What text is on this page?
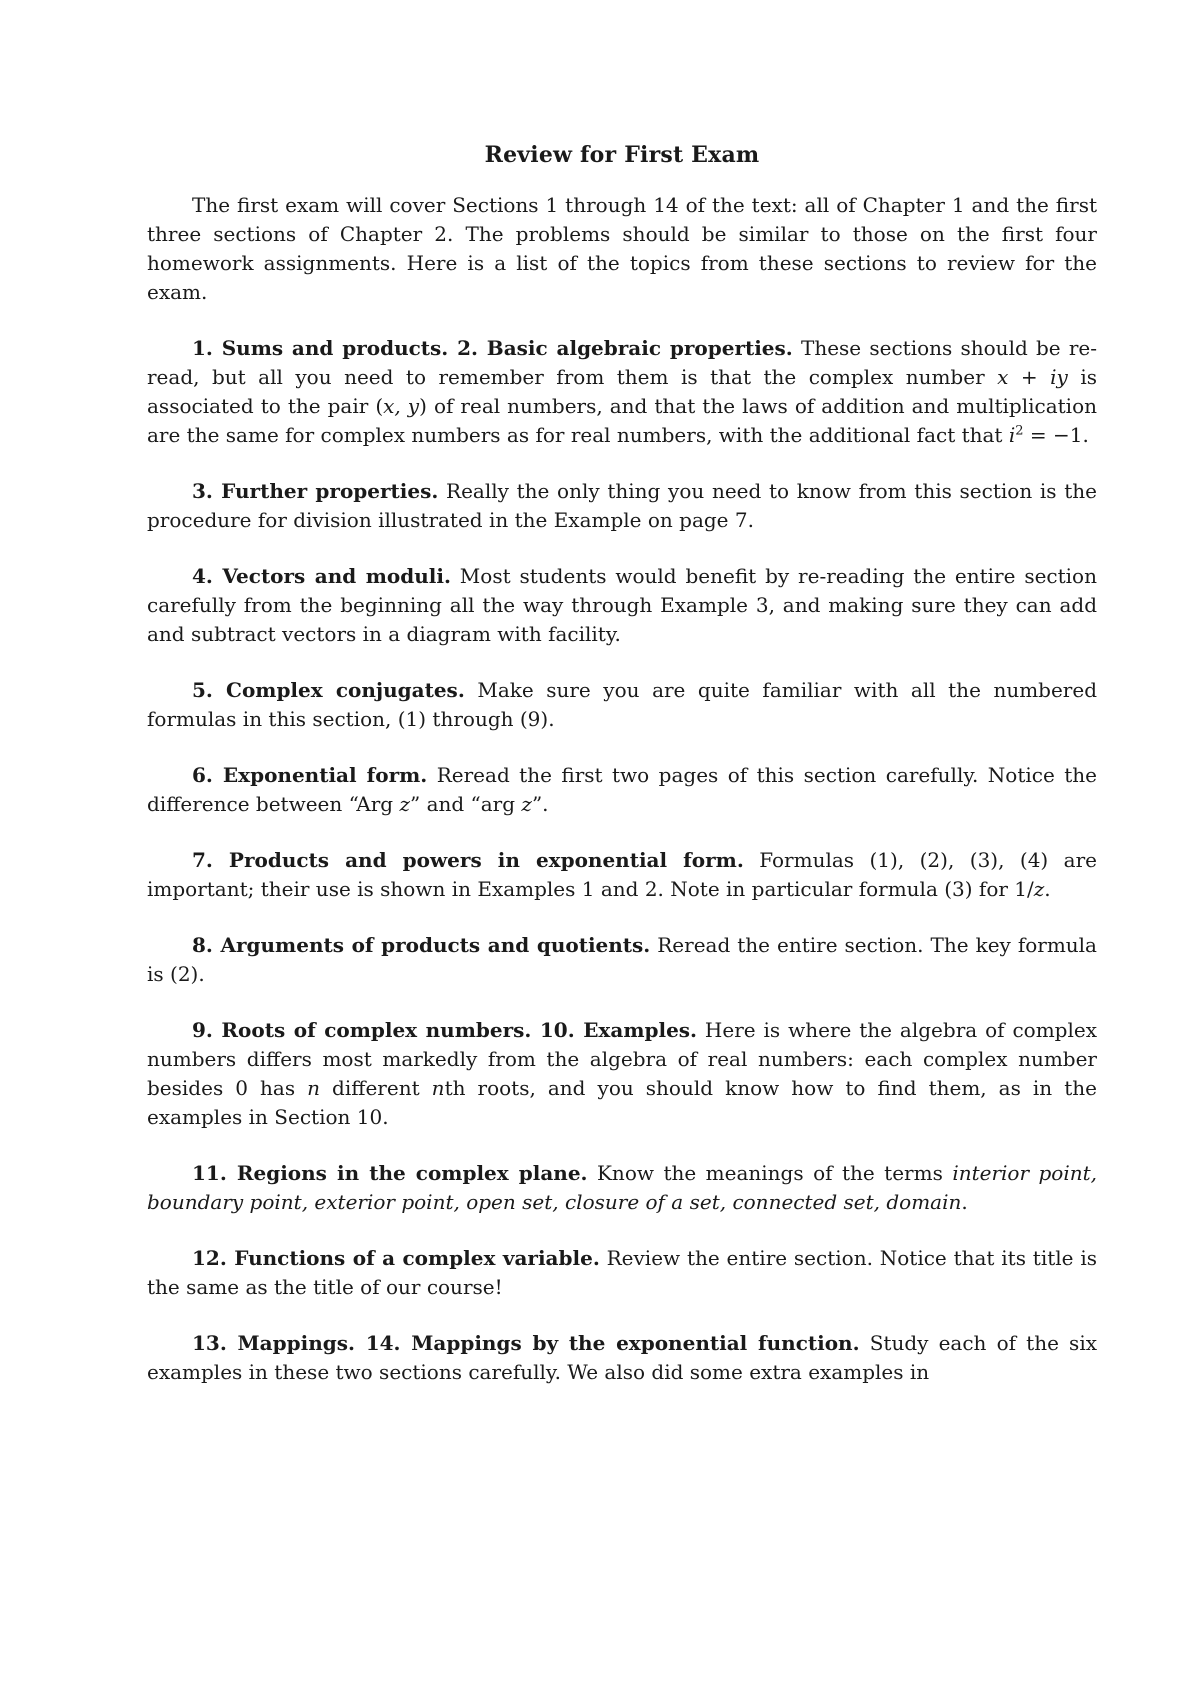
Review for First Exam

The first exam will cover Sections 1 through 14 of the text: all of Chapter 1 and the first three sections of Chapter 2. The problems should be similar to those on the first four homework assignments. Here is a list of the topics from these sections to review for the exam.

1. Sums and products. 2. Basic algebraic properties. These sections should be re-read, but all you need to remember from them is that the complex number x + iy is associated to the pair (x, y) of real numbers, and that the laws of addition and multiplication are the same for complex numbers as for real numbers, with the additional fact that $i^2 = -1$.

3. Further properties. Really the only thing you need to know from this section is the procedure for division illustrated in the Example on page 7.

4. Vectors and moduli. Most students would benefit by re-reading the entire section carefully from the beginning all the way through Example 3, and making sure they can add and subtract vectors in a diagram with facility.

5. Complex conjugates. Make sure you are quite familiar with all the numbered formulas in this section, (1) through (9).

6. Exponential form. Reread the first two pages of this section carefully. Notice the difference between “Arg z” and “arg z”.

7. Products and powers in exponential form. Formulas (1), (2), (3), (4) are important; their use is shown in Examples 1 and 2. Note in particular formula (3) for 1/z.

8. Arguments of products and quotients. Reread the entire section. The key formula is (2).

9. Roots of complex numbers. 10. Examples. Here is where the algebra of complex numbers differs most markedly from the algebra of real numbers: each complex number besides 0 has n different nth roots, and you should know how to find them, as in the examples in Section 10.

11. Regions in the complex plane. Know the meanings of the terms interior point, boundary point, exterior point, open set, closure of a set, connected set, domain.

12. Functions of a complex variable. Review the entire section. Notice that its title is the same as the title of our course!

13. Mappings. 14. Mappings by the exponential function. Study each of the six examples in these two sections carefully. We also did some extra examples in
